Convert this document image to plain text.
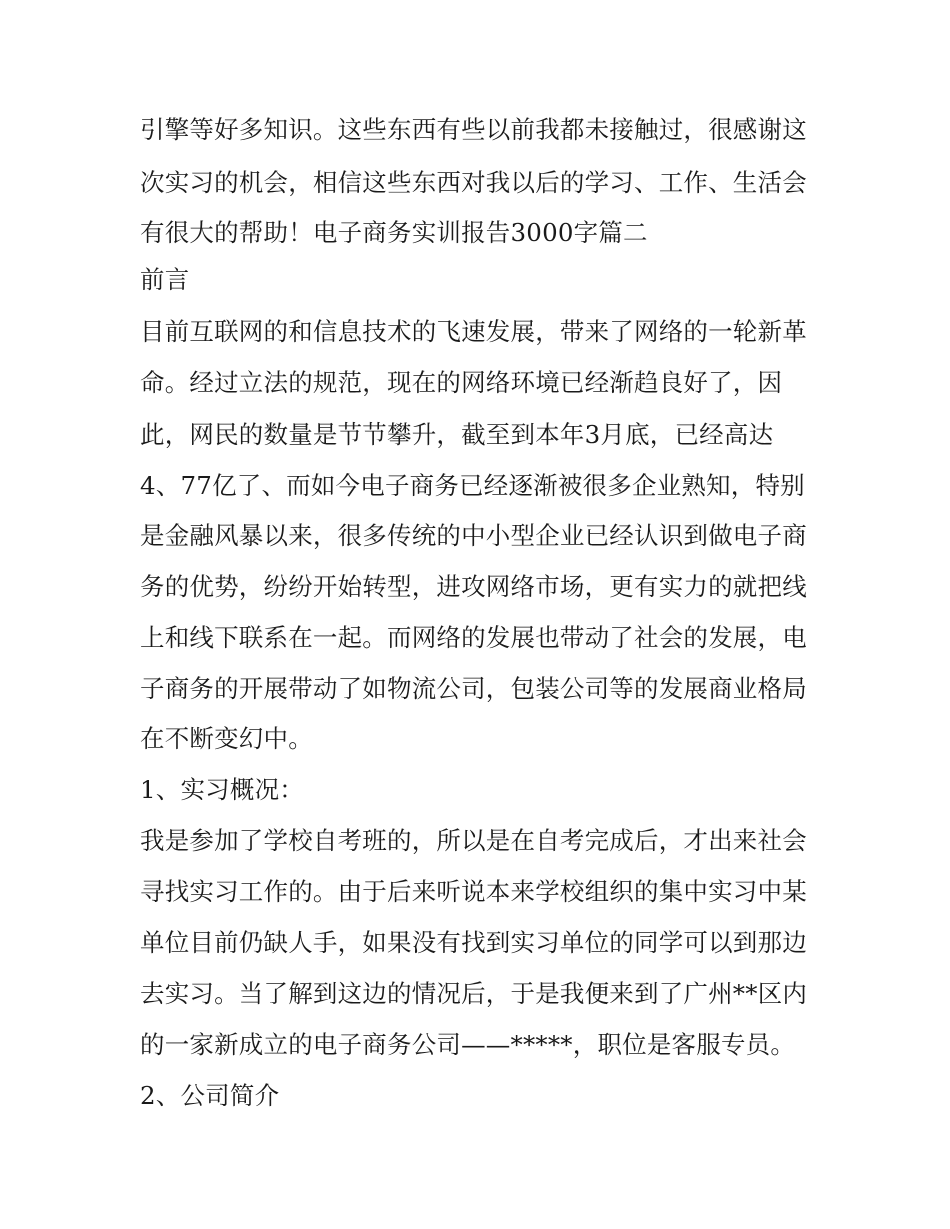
引擎等好多知识。这些东西有些以前我都未接触过，很感谢这
次实习的机会，相信这些东西对我以后的学习、工作、生活会
有很大的帮助！电子商务实训报告3000字篇二
前言
目前互联网的和信息技术的飞速发展，带来了网络的一轮新革
命。经过立法的规范，现在的网络环境已经渐趋良好了，因
此，网民的数量是节节攀升，截至到本年3月底，已经高达
4、77亿了、而如今电子商务已经逐渐被很多企业熟知，特别
是金融风暴以来，很多传统的中小型企业已经认识到做电子商
务的优势，纷纷开始转型，进攻网络市场，更有实力的就把线
上和线下联系在一起。而网络的发展也带动了社会的发展，电
子商务的开展带动了如物流公司，包装公司等的发展商业格局
在不断变幻中。
1、实习概况：
我是参加了学校自考班的，所以是在自考完成后，才出来社会
寻找实习工作的。由于后来听说本来学校组织的集中实习中某
单位目前仍缺人手，如果没有找到实习单位的同学可以到那边
去实习。当了解到这边的情况后，于是我便来到了广州**区内
的一家新成立的电子商务公司——*****，职位是客服专员。
2、公司简介
